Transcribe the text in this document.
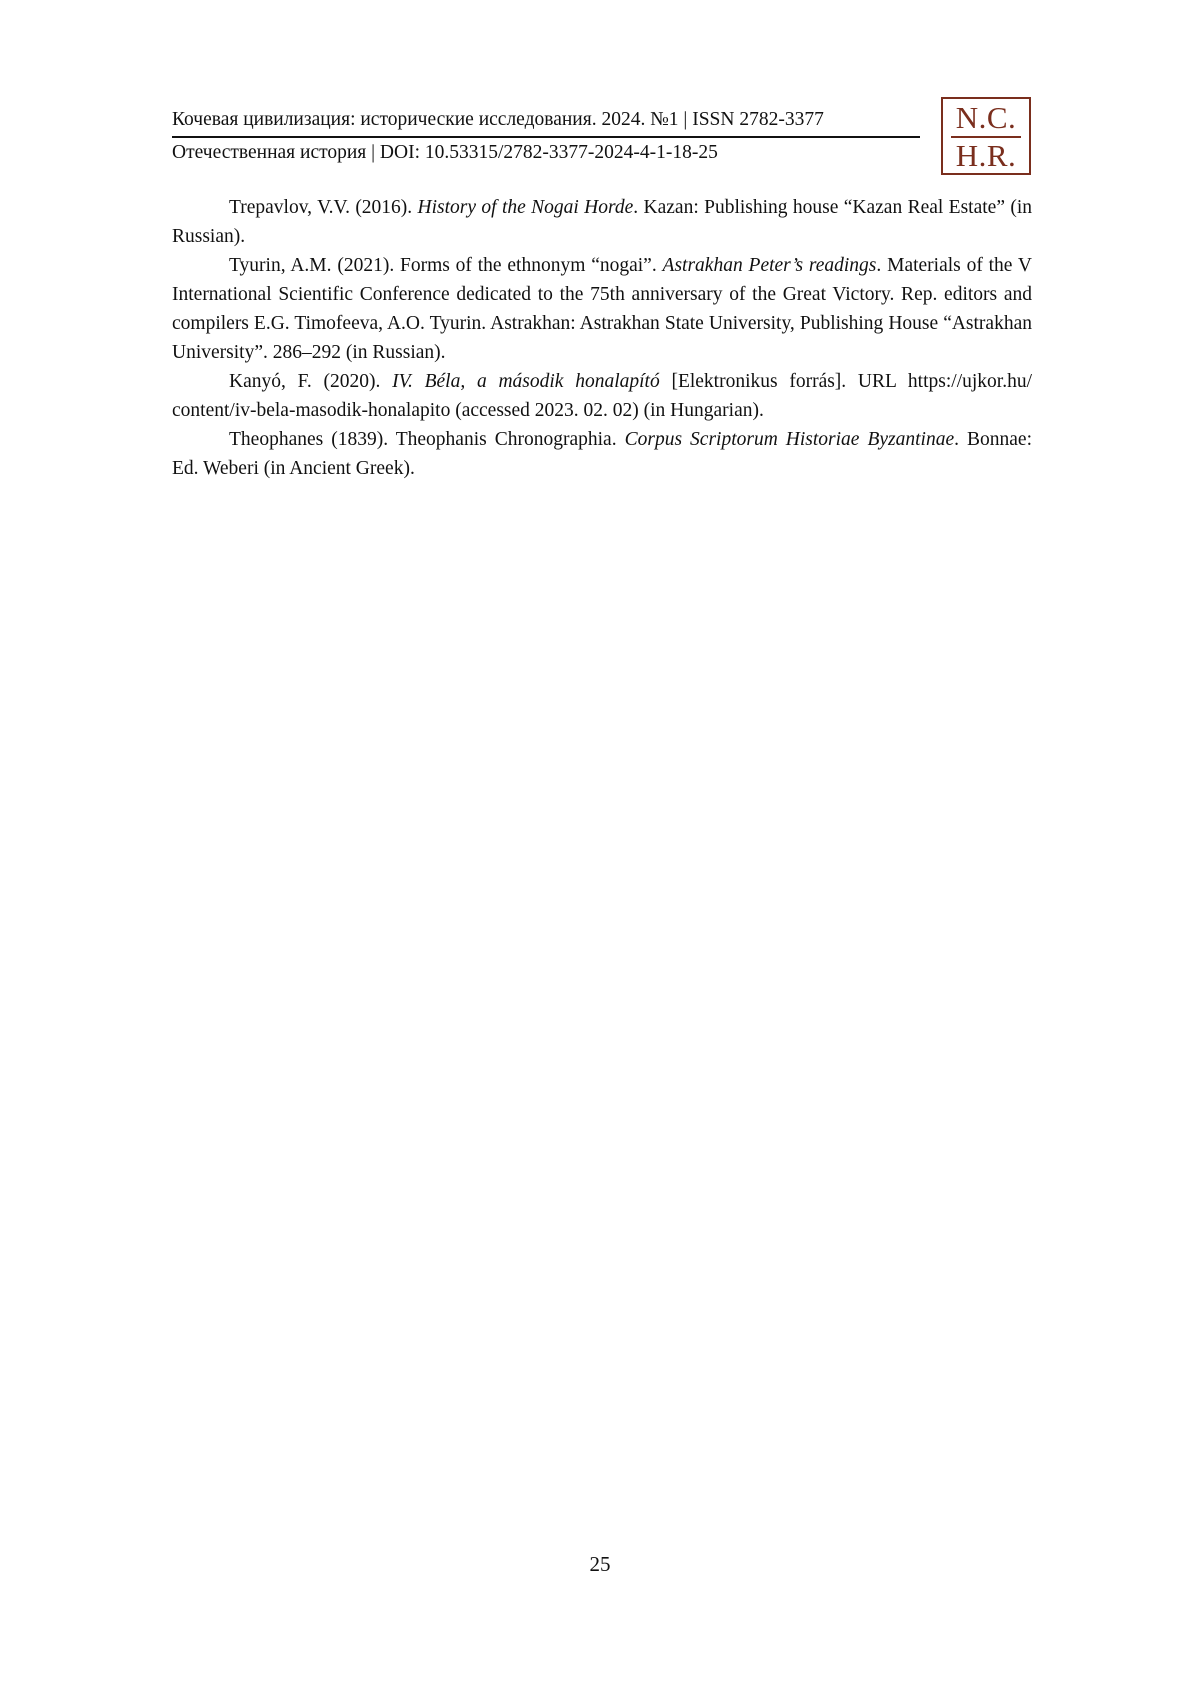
Кочевая цивилизация: исторические исследования. 2024. №1 | ISSN 2782-3377
Отечественная история | DOI: 10.53315/2782-3377-2024-4-1-18-25
N.C.
H.R.

Trepavlov, V.V. (2016). History of the Nogai Horde. Kazan: Publishing house “Kazan Real Estate” (in Russian).

Tyurin, A.M. (2021). Forms of the ethnonym “nogai”. Astrakhan Peter’s readings. Materials of the V International Scientific Conference dedicated to the 75th anniversary of the Great Victory. Rep. editors and compilers E.G. Timofeeva, A.O. Tyurin. Astrakhan: Astrakhan State University, Publishing House “Astrakhan University”. 286–292 (in Russian).

Kanyó, F. (2020). IV. Béla, a második honalapító [Elektronikus forrás]. URL https://ujkor.hu/ content/iv-bela-masodik-honalapito (accessed 2023. 02. 02) (in Hungarian).

Theophanes (1839). Theophanis Chronographia. Corpus Scriptorum Historiae Byzantinae. Bonnae: Ed. Weberi (in Ancient Greek).

25
